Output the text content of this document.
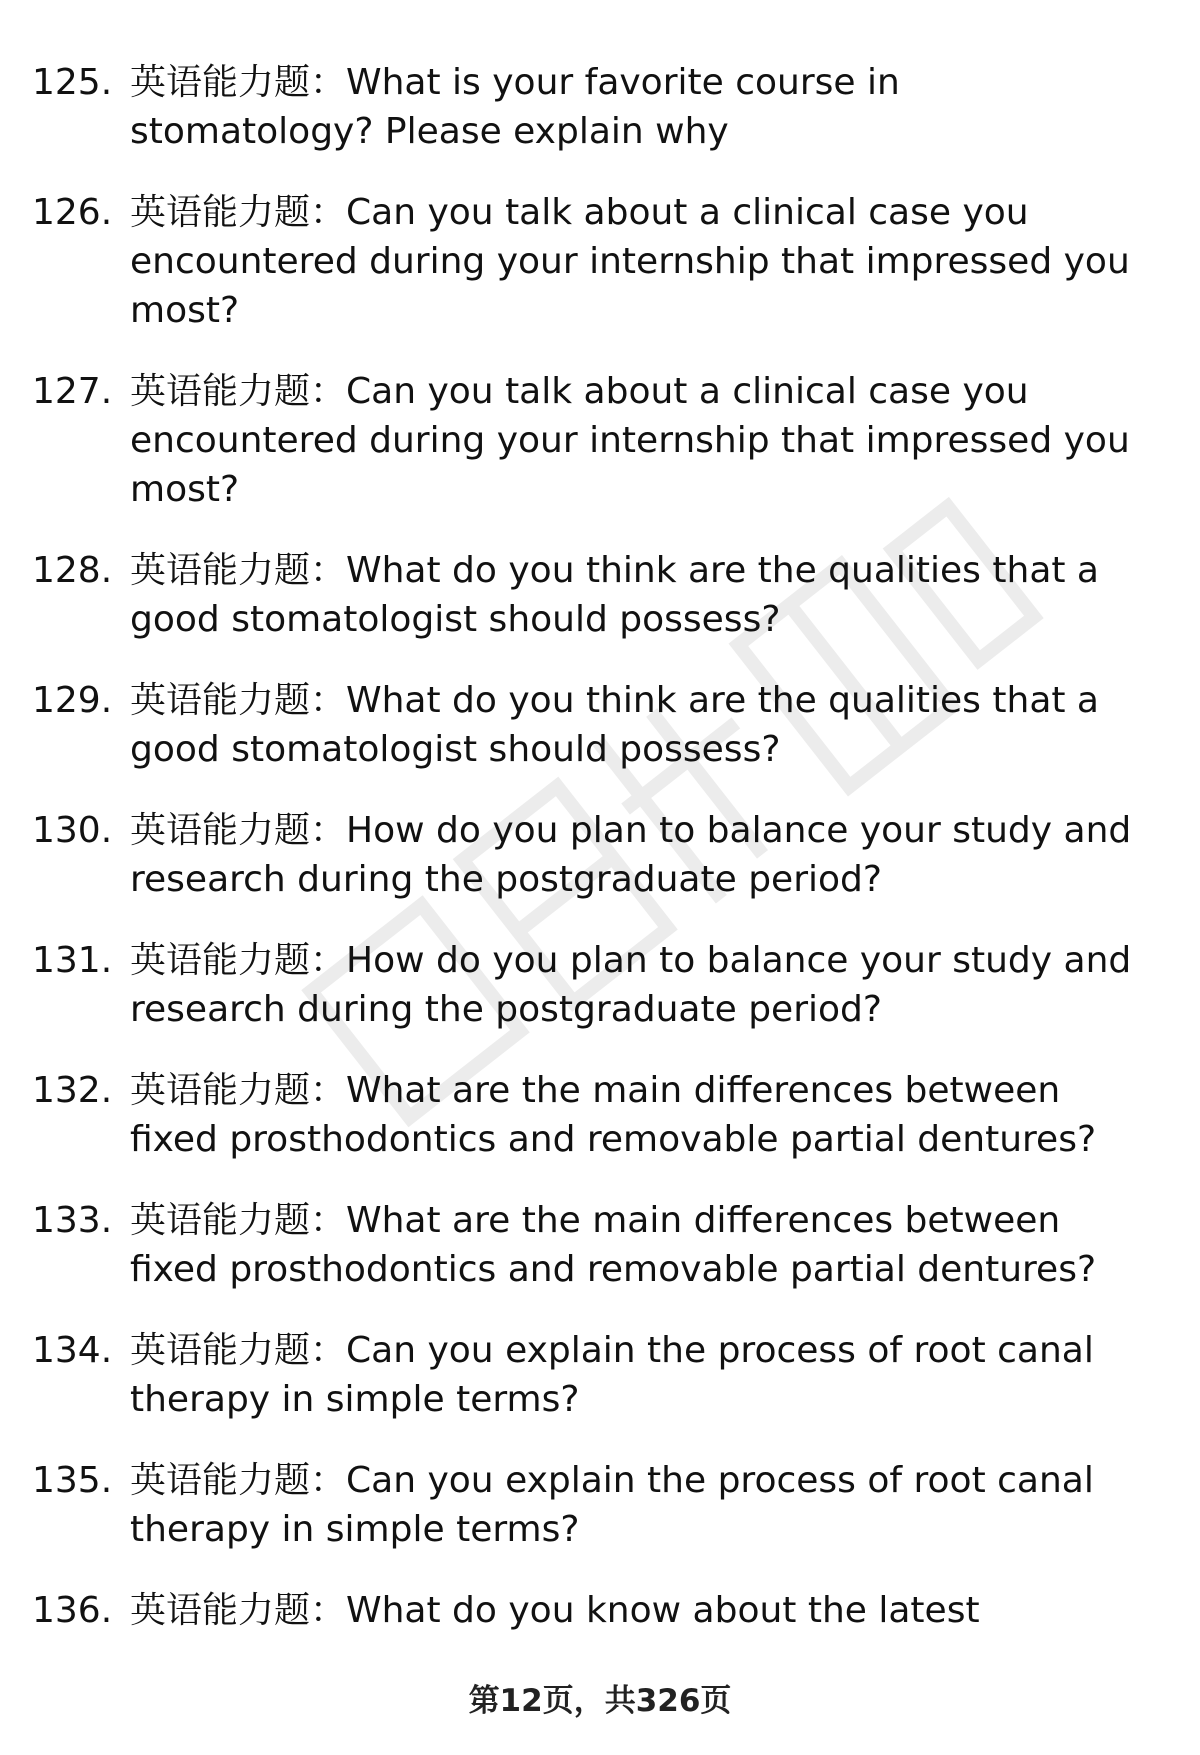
125. 英语能力题：What is your favorite course in stomatology? Please explain why
126. 英语能力题：Can you talk about a clinical case you encountered during your internship that impressed you most?
127. 英语能力题：Can you talk about a clinical case you encountered during your internship that impressed you most?
128. 英语能力题：What do you think are the qualities that a good stomatologist should possess?
129. 英语能力题：What do you think are the qualities that a good stomatologist should possess?
130. 英语能力题：How do you plan to balance your study and research during the postgraduate period?
131. 英语能力题：How do you plan to balance your study and research during the postgraduate period?
132. 英语能力题：What are the main differences between fixed prosthodontics and removable partial dentures?
133. 英语能力题：What are the main differences between fixed prosthodontics and removable partial dentures?
134. 英语能力题：Can you explain the process of root canal therapy in simple terms?
135. 英语能力题：Can you explain the process of root canal therapy in simple terms?
136. 英语能力题：What do you know about the latest
第12页，共326页
